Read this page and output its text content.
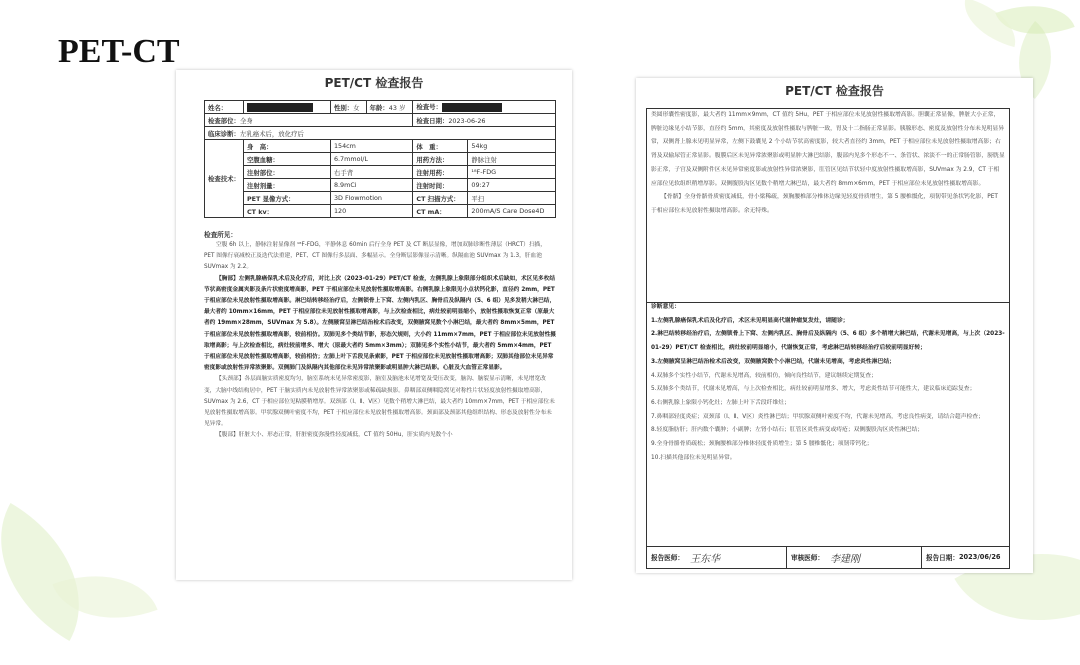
PET-CT
PET/CT 检查报告
姓名：		性别：女	年龄：43 岁	检查号：	
检查部位：全身				检查日期：2023-06-26	
临床诊断：左乳癌术后，放化疗后					
检查技术：	身　高：	154cm		体　重：	54kg
	空腹血糖：	6.7mmol/L		用药方法：	静脉注射
	注射部位：	右手背		注射用药：	¹⁸F-FDG
	注射剂量：	8.9mCi		注射时间：	09:27
	PET 显像方式：	3D Flowmotion		CT 扫描方式：	平扫
	CT kv：	120		CT mA：	200mA/S Care Dose4D
检查所见：

空腹 6h 以上，静脉注射显像剂 ¹⁸F-FDG，平静休息 60min 后行全身 PET 及 CT 断层显像，增加双肺诊断性薄层（HRCT）扫描，PET 图像行衰减校正及迭代法重建，PET、CT 图像行多层面、多幅显示。全身断层影像显示清晰。纵隔血池 SUVmax 为 1.3，肝血池 SUVmax 为 2.2。

【胸部】左侧乳腺癌保乳术后及化疗后，对比上次（2023-01-29）PET/CT 检查，左侧乳腺上象限部分组织术后缺如，术区见多枚结节状高密度金属夹影及条片状密度增高影，PET 于相应部位未见放射性摄取增高影。右侧乳腺上象限见小点状钙化影，直径约 2mm，PET 于相应部位未见放射性摄取增高影。淋巴结转移经治疗后，左侧锁骨上下窝、左侧内乳区、胸骨后及纵隔内（5、6 组）见多发稍大淋巴结，最大者约 10mm×16mm，PET 于相应部位未见放射性摄取增高影，与上次检查相比，病灶较前明显缩小，放射性摄取恢复正常（原最大者约 19mm×28mm，SUVmax 为 5.8）。左侧腋窝呈淋巴结治检术后改变，双侧腋窝见数个小淋巴结，最大者约 8mm×5mm，PET 于相应部位未见放射性摄取增高影，较前相仿。双肺见多个类结节影，形态欠规则，大小约 11mm×7mm，PET 于相应部位未见放射性摄取增高影；与上次检查相比，病灶较前增多、增大（原最大者约 5mm×3mm）；双肺见多个实性小结节，最大者约 5mm×4mm，PET 于相应部位未见放射性摄取增高影，较前相仿；左肺上叶下舌段见条索影，PET 于相应部位未见放射性摄取增高影；双肺其他部位未见异常密度影或放射性异常浓聚影。双侧肺门及纵隔内其他部位未见异常浓聚影或明显肿大淋巴结影。心脏及大血管正常显影。

【头颈部】各层面脑实质密度均匀，脑室系统未见异常密度影，脑室及脑池未见增宽及受压改变，脑沟、脑裂显示清晰，未见增宽改变，大脑中线结构居中，PET 于脑实质内未见放射性异常浓聚影或稀疏缺损影。鼻咽部双侧咽隐窝见对称性片状轻度放射性摄取增高影，SUVmax 为 2.6，CT 于相应部位见粘膜稍增厚。双颈部（Ⅰ、Ⅱ、Ⅴ区）见数个稍增大淋巴结，最大者约 10mm×7mm，PET 于相应部位未见放射性摄取增高影。甲状腺双侧叶密度不均，PET 于相应部位未见放射性摄取增高影。颈面部及颈部其他组织结构、形态及放射性分布未见异常。

【腹部】肝脏大小、形态正常，肝脏密度弥漫性轻度减低，CT 值约 50Hu，肝实质内见数个小

PET/CT 检查报告

类圆形囊性密度影，最大者约 11mm×9mm，CT 值约 5Hu，PET 于相应部位未见放射性摄取增高影。胆囊正常显像，脾脏大小正常，脾脏边缘见小结节影，直径约 5mm，其密度及放射性摄取与脾脏一致，胃及十二指肠正常显影。胰腺形态、密度及放射性分布未见明显异常，双侧肾上腺未见明显异常，左侧下鼓囊见 2 个小结节状高密度影，较大者直径约 3mm，PET 于相应部位未见放射性摄取增高影；右肾及双输尿管正常显影。腹膜后区未见异常浓聚影或明显肿大淋巴结影，腹部内见多个形态不一、条管状、浓淡不一的正常肠管影，膀胱显影正常，子宫及双侧附件区未见异常密度影或放射性异常浓聚影，肛管区见结节状轻中度放射性摄取增高影，SUVmax 为 2.9，CT 于相应部位见软组织稍增厚影。双侧腹股沟区见数个稍增大淋巴结，最大者约 8mm×6mm，PET 于相应部位未见放射性摄取增高影。

【骨骼】全身骨骼骨质密度减低，骨小梁稀疏，颈胸腰椎部分椎体边缘见轻度骨质增生，第 5 腰椎骶化，项韧带见条状钙化影，PET 于相应部位未见放射性摄取增高影。余无特殊。

诊断意见：
1.左侧乳腺癌保乳术后及化疗后，术区未见明显高代谢肿瘤复发灶，请随诊；
2.淋巴结转移经治疗后，左侧锁骨上下窝、左侧内乳区、胸骨后及纵隔内（5、6 组）多个稍增大淋巴结，代谢未见增高，与上次（2023-01-29）PET/CT 检查相比，病灶较前明显缩小，代谢恢复正常，考虑淋巴结转移经治疗后较前明显好转；
3.左侧腋窝呈淋巴结治检术后改变，双侧腋窝数个小淋巴结，代谢未见增高，考虑炎性淋巴结；
4.双肺多个实性小结节，代谢未见增高，较前相仿，倾向良性结节，建议继续定期复查；
5.双肺多个类结节，代谢未见增高，与上次检查相比，病灶较前明显增多、增大，考虑炎性结节可能性大，建议临床追踪复查；
6.右侧乳腺上象限小钙化灶；左肺上叶下舌段纤维灶；
7.鼻咽部轻度炎症；双颈部（Ⅰ、Ⅱ、Ⅴ区）炎性淋巴结；甲状腺双侧叶密度不均，代谢未见增高，考虑良性病变，请结合超声检查；
8.轻度脂肪肝；肝内数个囊肿；小副脾；左肾小结石；肛管区炎性病变或痔疮；双侧腹股沟区炎性淋巴结；
9.全身骨骼骨质疏松；颈胸腰椎部分椎体轻度骨质增生；第 5 腰椎骶化；项韧带钙化；
10.扫描其他部位未见明显异常。
报告医师： 王东华	审核医师： 李建刚	报告日期： 2023/06/26
